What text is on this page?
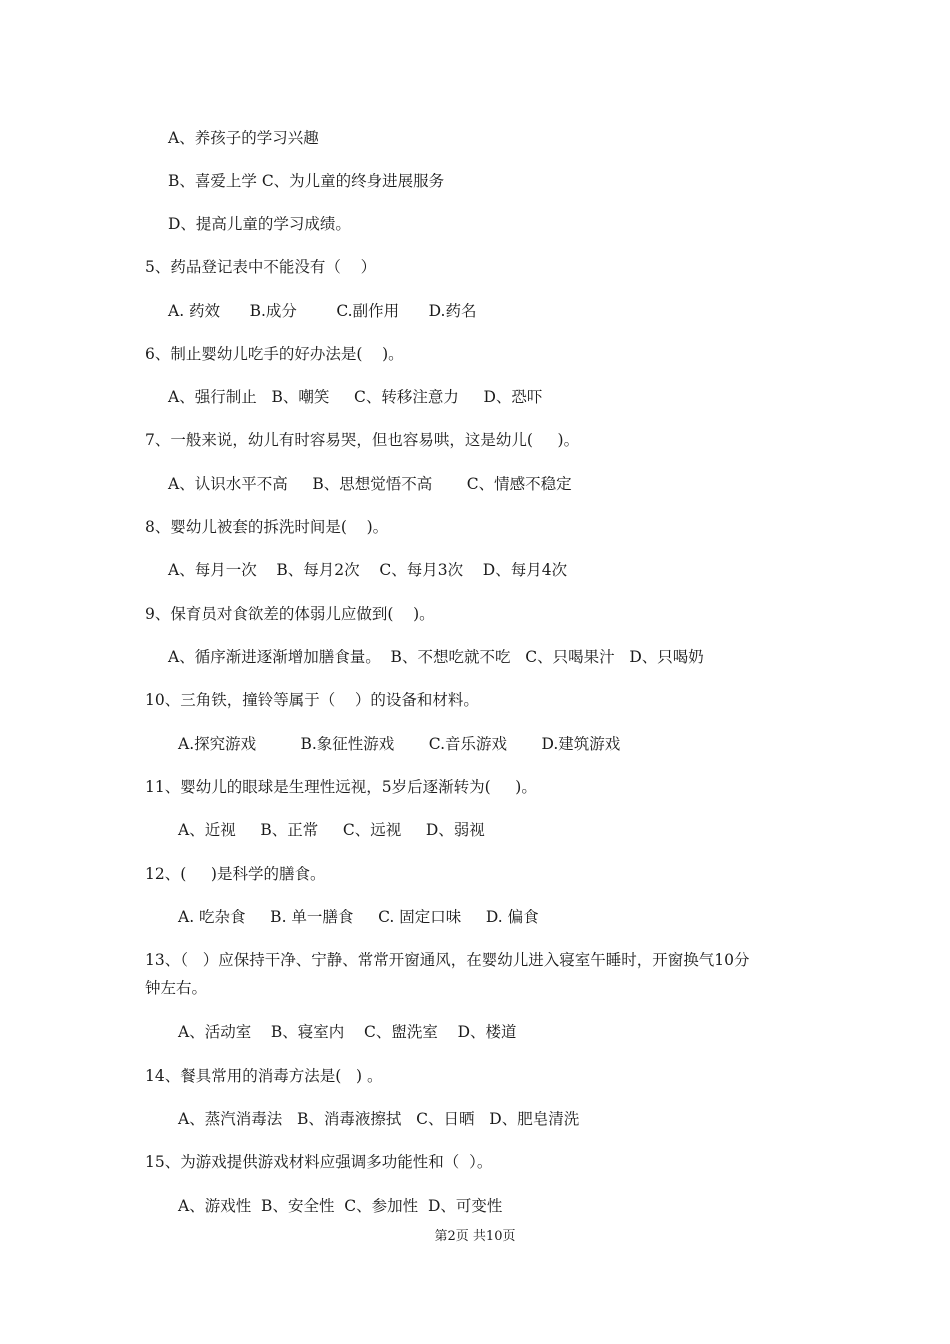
A、养孩子的学习兴趣
B、喜爱上学 C、为儿童的终身进展服务
D、提高儿童的学习成绩。
5、药品登记表中不能没有（    ）
A. 药效      B.成分        C.副作用      D.药名
6、制止婴幼儿吃手的好办法是(    )。
A、强行制止   B、嘲笑     C、转移注意力     D、恐吓
7、一般来说，幼儿有时容易哭，但也容易哄，这是幼儿(     )。
A、认识水平不高     B、思想觉悟不高       C、情感不稳定
8、婴幼儿被套的拆洗时间是(    )。
A、每月一次    B、每月2次    C、每月3次    D、每月4次
9、保育员对食欲差的体弱儿应做到(    )。
A、循序渐进逐渐增加膳食量。  B、不想吃就不吃   C、只喝果汁   D、只喝奶
10、三角铁，撞铃等属于（    ）的设备和材料。
A.探究游戏         B.象征性游戏       C.音乐游戏       D.建筑游戏
11、婴幼儿的眼球是生理性远视，5岁后逐渐转为(     )。
A、近视     B、正常     C、远视     D、弱视
12、(     )是科学的膳食。
A. 吃杂食     B. 单一膳食     C. 固定口味     D. 偏食
13、（   ）应保持干净、宁静、常常开窗通风，在婴幼儿进入寝室午睡时，开窗换气10分
钟左右。
A、活动室    B、寝室内    C、盥洗室    D、楼道
14、餐具常用的消毒方法是(   ) 。
A、蒸汽消毒法   B、消毒液擦拭   C、日晒   D、肥皂清洗
15、为游戏提供游戏材料应强调多功能性和（  ）。
A、游戏性  B、安全性  C、参加性  D、可变性
第2页 共10页
